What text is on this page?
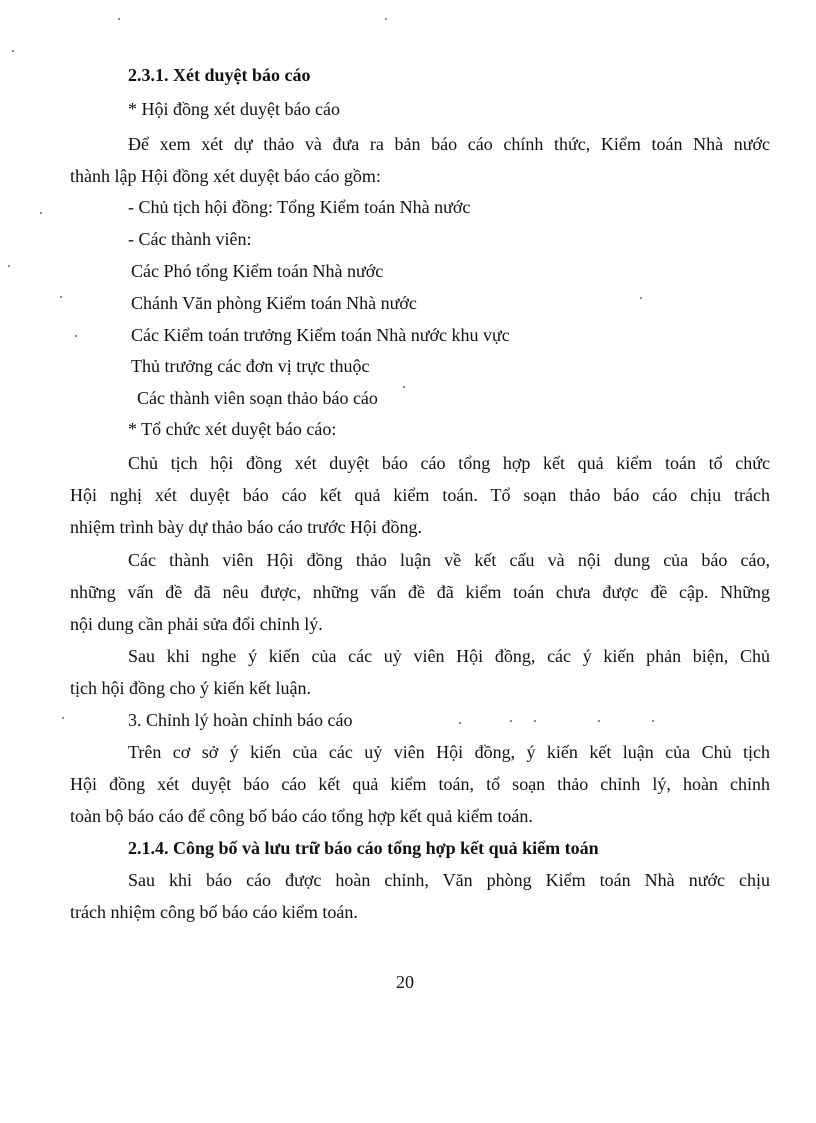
2.3.1. Xét duyệt báo cáo

* Hội đồng xét duyệt báo cáo

Để xem xét dự thảo và đưa ra bản báo cáo chính thức, Kiểm toán Nhà nước

thành lập Hội đồng xét duyệt báo cáo gồm:

- Chủ tịch hội đồng: Tổng Kiểm toán Nhà nước

- Các thành viên:

Các Phó tổng Kiểm toán Nhà nước

Chánh Văn phòng Kiểm toán Nhà nước

Các Kiểm toán trưởng Kiểm toán Nhà nước khu vực

Thủ trưởng các đơn vị trực thuộc

Các thành viên soạn thảo báo cáo

* Tổ chức xét duyệt báo cáo:

Chủ tịch hội đồng xét duyệt báo cáo tổng hợp kết quả kiểm toán tổ chức

Hội nghị xét duyệt báo cáo kết quả kiểm toán. Tổ soạn thảo báo cáo chịu trách

nhiệm trình bày dự thảo báo cáo trước Hội đồng.

Các thành viên Hội đồng thảo luận về kết cấu và nội dung của báo cáo,

những vấn đề đã nêu được, những vấn đề đã kiểm toán chưa được đề cập. Những

nội dung cần phải sửa đổi chỉnh lý.

Sau khi nghe ý kiến của các uỷ viên Hội đồng, các ý kiến phản biện, Chủ

tịch hội đồng cho ý kiến kết luận.

3. Chỉnh lý hoàn chỉnh báo cáo

Trên cơ sở ý kiến của các uỷ viên Hội đồng, ý kiến kết luận của Chủ tịch

Hội đồng xét duyệt báo cáo kết quả kiểm toán, tổ soạn thảo chỉnh lý, hoàn chỉnh

toàn bộ báo cáo để công bố báo cáo tổng hợp kết quả kiểm toán.

2.1.4. Công bố và lưu trữ báo cáo tổng hợp kết quả kiểm toán

Sau khi báo cáo được hoàn chỉnh, Văn phòng Kiểm toán Nhà nước chịu

trách nhiệm công bố báo cáo kiểm toán.

20
